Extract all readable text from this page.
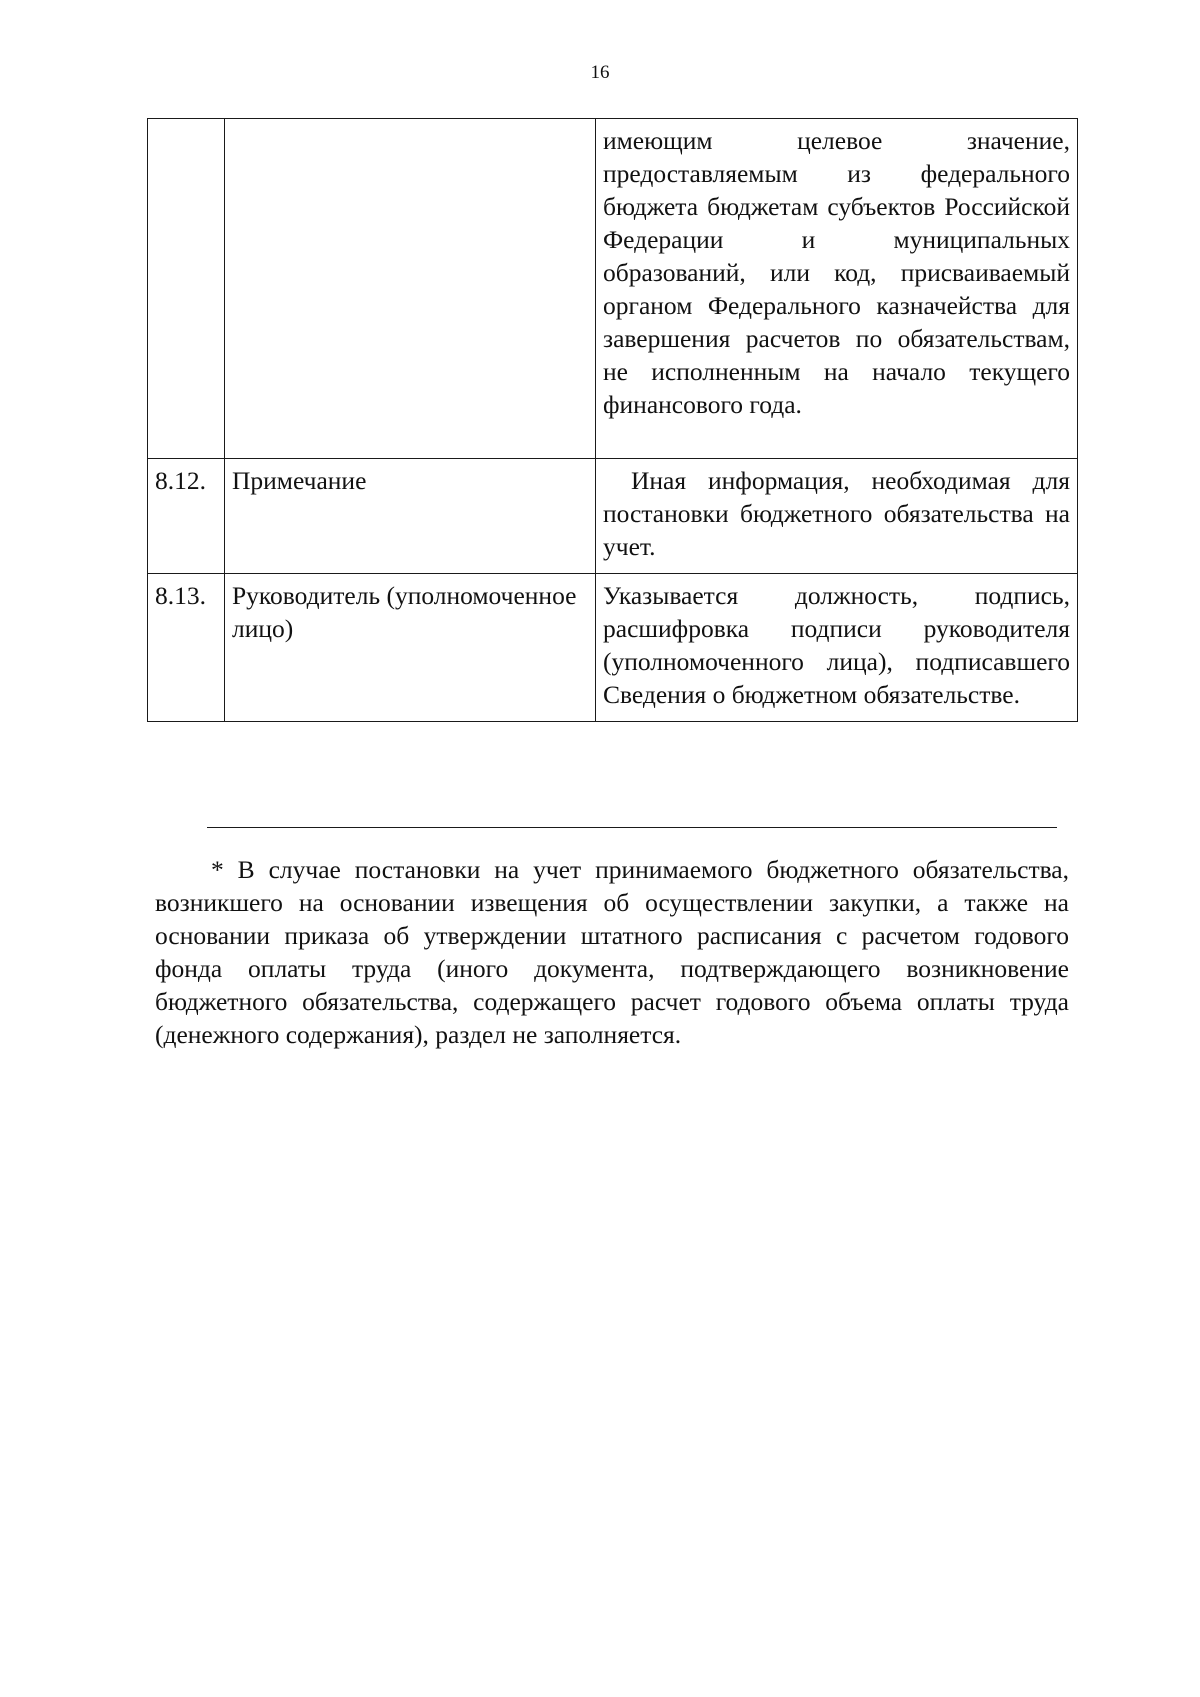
16
		имеющим целевое значение, предоставляемым из федерального бюджета бюджетам субъектов Российской Федерации и муниципальных образований, или код, присваиваемый органом Федерального казначейства для завершения расчетов по обязательствам, не исполненным на начало текущего финансового года.
8.12.	Примечание	Иная информация, необходимая для постановки бюджетного обязательства на учет.
8.13.	Руководитель (уполномоченное лицо)	Указывается должность, подпись, расшифровка подписи руководителя (уполномоченного лица), подписавшего Сведения о бюджетном обязательстве.

* В случае постановки на учет принимаемого бюджетного обязательства, возникшего на основании извещения об осуществлении закупки, а также на основании приказа об утверждении штатного расписания с расчетом годового фонда оплаты труда (иного документа, подтверждающего возникновение бюджетного обязательства, содержащего расчет годового объема оплаты труда (денежного содержания), раздел не заполняется.
